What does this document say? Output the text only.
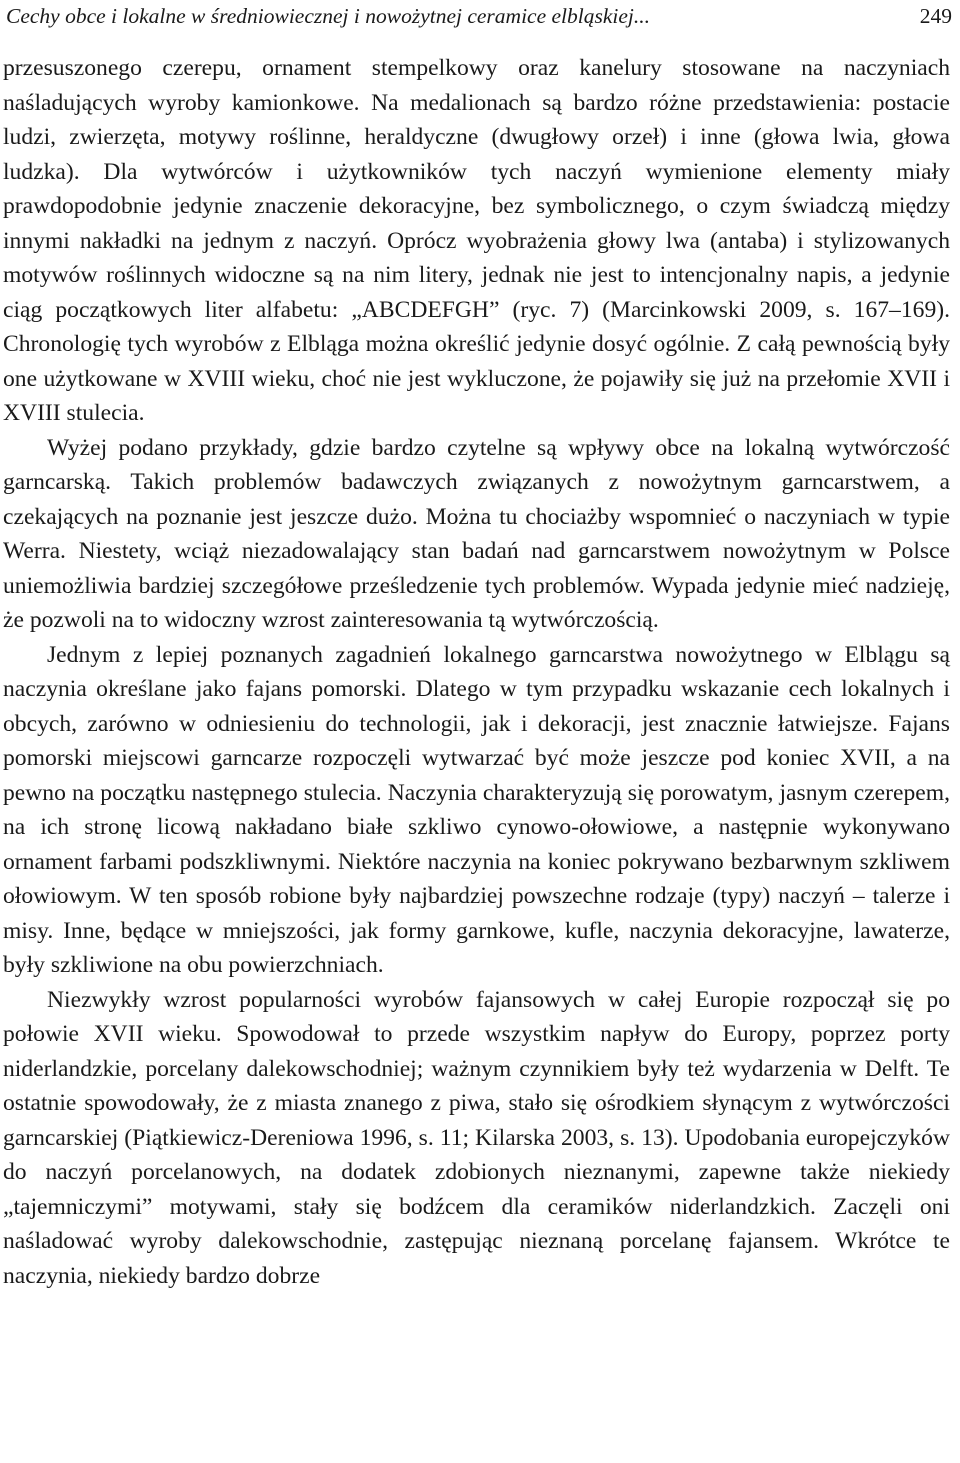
Cechy obce i lokalne w średniowiecznej i nowożytnej ceramice elbląskiej...	249

przesuszonego czerepu, ornament stempelkowy oraz kanelury stosowane na naczyniach naśladujących wyroby kamionkowe. Na medalionach są bardzo różne przedstawienia: postacie ludzi, zwierzęta, motywy roślinne, heraldyczne (dwugłowy orzeł) i inne (głowa lwia, głowa ludzka). Dla wytwórców i użytkowników tych naczyń wymienione elementy miały prawdopodobnie jedynie znaczenie dekoracyjne, bez symbolicznego, o czym świadczą między innymi nakładki na jednym z naczyń. Oprócz wyobrażenia głowy lwa (antaba) i stylizowanych motywów roślinnych widoczne są na nim litery, jednak nie jest to intencjonalny napis, a jedynie ciąg początkowych liter alfabetu: „ABCDEFGH” (ryc. 7) (Marcinkowski 2009, s. 167–169). Chronologię tych wyrobów z Elbląga można określić jedynie dosyć ogólnie. Z całą pewnością były one użytkowane w XVIII wieku, choć nie jest wykluczone, że pojawiły się już na przełomie XVII i XVIII stulecia.

Wyżej podano przykłady, gdzie bardzo czytelne są wpływy obce na lokalną wytwórczość garncarską. Takich problemów badawczych związanych z nowożytnym garncarstwem, a czekających na poznanie jest jeszcze dużo. Można tu chociażby wspomnieć o naczyniach w typie Werra. Niestety, wciąż niezadowalający stan badań nad garncarstwem nowożytnym w Polsce uniemożliwia bardziej szczegółowe prześledzenie tych problemów. Wypada jedynie mieć nadzieję, że pozwoli na to widoczny wzrost zainteresowania tą wytwórczością.

Jednym z lepiej poznanych zagadnień lokalnego garncarstwa nowożytnego w Elblągu są naczynia określane jako fajans pomorski. Dlatego w tym przypadku wskazanie cech lokalnych i obcych, zarówno w odniesieniu do technologii, jak i dekoracji, jest znacznie łatwiejsze. Fajans pomorski miejscowi garncarze rozpoczęli wytwarzać być może jeszcze pod koniec XVII, a na pewno na początku następnego stulecia. Naczynia charakteryzują się porowatym, jasnym czerepem, na ich stronę licową nakładano białe szkliwo cynowo-ołowiowe, a następnie wykonywano ornament farbami podszkliwnymi. Niektóre naczynia na koniec pokrywano bezbarwnym szkliwem ołowiowym. W ten sposób robione były najbardziej powszechne rodzaje (typy) naczyń – talerze i misy. Inne, będące w mniejszości, jak formy garnkowe, kufle, naczynia dekoracyjne, lawaterze, były szkliwione na obu powierzchniach.

Niezwykły wzrost popularności wyrobów fajansowych w całej Europie rozpoczął się po połowie XVII wieku. Spowodował to przede wszystkim napływ do Europy, poprzez porty niderlandzkie, porcelany dalekowschodniej; ważnym czynnikiem były też wydarzenia w Delft. Te ostatnie spowodowały, że z miasta znanego z piwa, stało się ośrodkiem słynącym z wytwórczości garncarskiej (Piątkiewicz-Dereniowa 1996, s. 11; Kilarska 2003, s. 13). Upodobania europejczyków do naczyń porcelanowych, na dodatek zdobionych nieznanymi, zapewne także niekiedy „tajemniczymi” motywami, stały się bodźcem dla ceramików niderlandzkich. Zaczęli oni naśladować wyroby dalekowschodnie, zastępując nieznaną porcelanę fajansem. Wkrótce te naczynia, niekiedy bardzo dobrze
